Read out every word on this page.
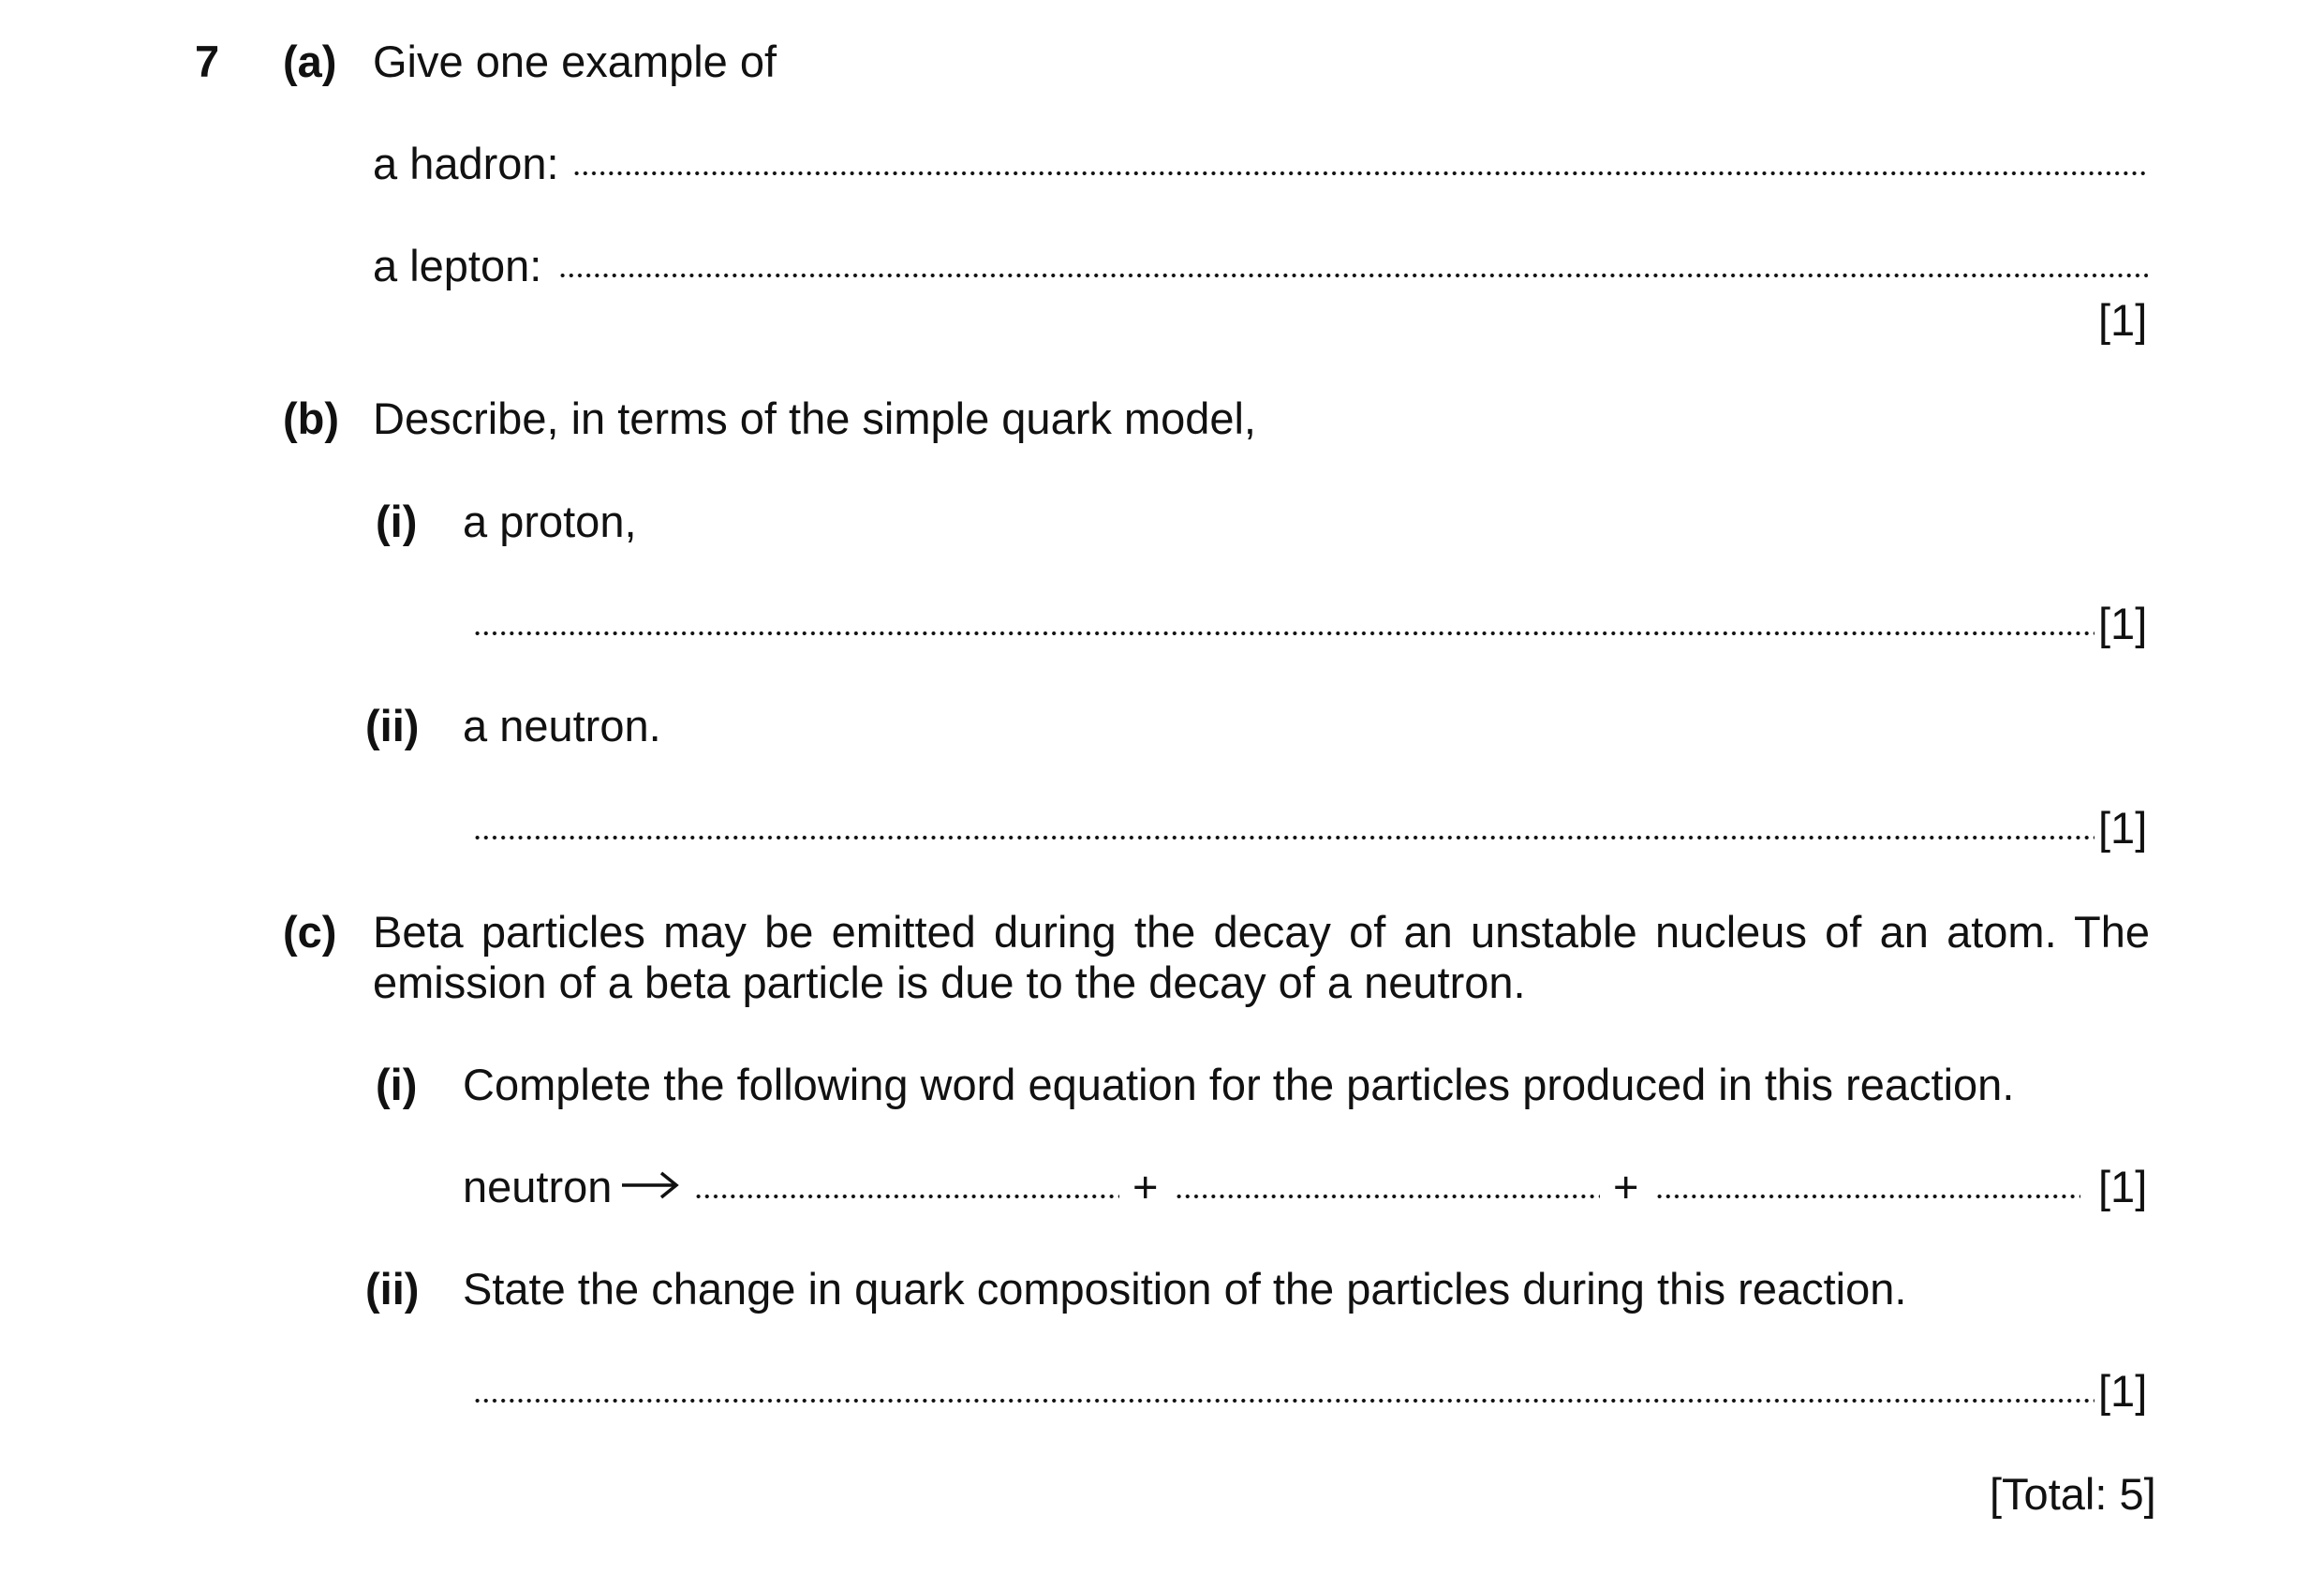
7 (a) Give one example of
a hadron:
a lepton:
[1]
(b) Describe, in terms of the simple quark model,
(i) a proton,
[1]
(ii) a neutron.
[1]
(c) Beta particles may be emitted during the decay of an unstable nucleus of an atom. The
emission of a beta particle is due to the decay of a neutron.
(i) Complete the following word equation for the particles produced in this reaction.
neutron	+	+	[1]
(ii) State the change in quark composition of the particles during this reaction.
[1]
[Total: 5]
